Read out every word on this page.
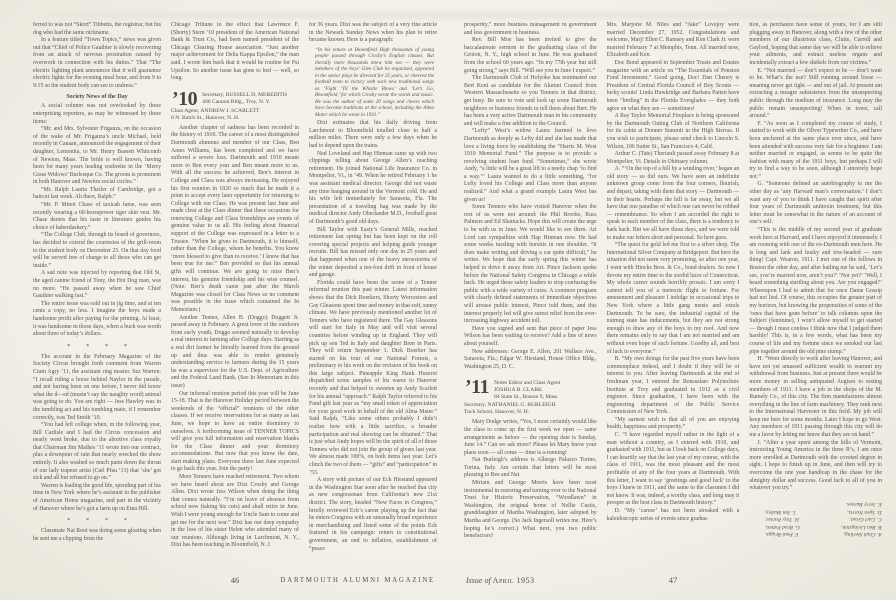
ferred to was not “Skort” Tibbetts, the registrar, but his dog who had the same nickname.

In a feature titled “Town Topics,” news was given out that “Chief of Police Gauthier is slowly recovering from an attack of nervous prostration caused by overwork in connection with his duties.” That “The electric lighting plant announces that it will guarantee electric lights for the evening meal hour, and from 9 to 9:15 so the student body can see to undress.”

Society News of the Day

A social column was not overlooked by these enterprising reporters, as may be witnessed by these items:

“Mr. and Mrs. Sylvester Friganza, on the occasion of the wake of Mr. Friganza’s uncle Michael, held recently in Canaan, announced the engagement of their daughter, Lemonita, to Mr. Henry Bassett Whitcomb of Newton, Mass. The bride is well known, having been for many years leading soubrette in the ‘Merry Grass Widows’ Burlesque Co. The groom is prominent in both Hanover and Newton social circles.”

“Mr. Ralph Lauria Theiler of Cambridge, got a haircut last week. Ah there, Ralph.”

“Mr. P. Minot Chase of taxicab fame, was seen recently wearing a 60-horsepower tiger skin vest. Mr. Chase denies that his taste in literature guides his choice of haberdashery.”

“The College Club, through its board of governors, has decided to extend the courtesies of the grill-room to the student body on December 25. On that day food will be served free of charge to all those who can get inside.”

A sad note was injected by reporting that Old Si, the aged canine friend of Tony, the Hot Dog man, was no more. “He passed away when he saw Chief Gauthier walking fast.”

The entire issue was sold out in jig time, and at ten cents a copy, no less. I imagine the boys made a handsome profit after paying for the printing. At least, it was handsome in those days, when a buck was worth about three of today’s dollars.

* * * *

The account in the February Magazine of the Society Circus brought forth comment from Warren Cram Agry ’11, the assistant ring master. Sez Warren: “I recall riding a horse behind Naylor in the parade, and not having been on one before, I never did know what the d—ed (mustn’t say the naughty word) animal was going to do. You are right — Jess Hawley was in the tumbling act and his tumbling mate, if I remember correctly, was Ted Smith ’10.

“You had left college when, in the following year, Bill Carlisle and I had the Circus concession and nearly went broke, due to the abortive class royalty that Chairman Jim Mathes ’11 wrote into our contract, plus a downpour of rain that nearly wrecked the show entirely. It also washed so much paint down the throat of our lady trapeze artist (Carl Pfau ’13) that ‘she’ got sick and all but refused to go on.”

Warren is leading the good life, spending part of his time in New York where he’s assistant to the publisher of American Home magazine, and part in the vicinity of Hanover where he’s got a farm up on Etna Hill.

* * * *

Classmate Nat Root was doing some gloating when he sent me a clipping from the

Chicago Tribune to the effect that Lawrence F. (Shorty) Stern ’10 president of the American National Bank & Trust Co., had been named president of the Chicago Clearing House association. “Just another major achievement for Delta Kappa Epsilon,” the man said. I wrote him back that it would be routine for Psi Upsilon. So another issue has gone to bed — well, so long.

’10 Secretary, RUSSELL D. MEREDITH
406 Cannon Bldg., Troy, N. Y.
Class Agent, ANDREW J. SCARLETT
8 N. Balch St., Hanover, N. H.

Another chapter of sadness has been recorded in the history of 1910. The career of a most distinguished Dartmouth alumnus and member of our Class, Ben Ames Williams, has been completed and we have suffered a severe loss. Dartmouth and 1910 meant more to Ben every year and Ben meant more to us. With all the success he achieved, Ben’s interest in College and Class was always increasing. He enjoyed his first reunion in 1920 so much that he made it a point to accept every later opportunity for returning to College with our Class. He was present last June and made clear at the Class dinner that these occasions for renewing College and Class friendships are events of genuine value to us all. His feeling about financial support of the College was expressed in a letter to a Trustee. “When he gives to Dartmouth, it is himself, rather than the College, whom he benefits. You know ‘more blessed to give than to receive.’ I know that has been true for me.” Ben provided so that his annual gifts will continue. We are going to miss Ben’s interest, his genuine friendship and his wise counsel. (Note: Ben’s death came just after the March Magazine was closed for Class News so no comment was possible in the issue which contained the In Memoriam.)

Another Tenner, Allen B. (Doggo) Doggett Jr. passed away in February. A great lover of the outdoors from early youth, Doggo seemed naturally to develop a real interest in farming after College days. Starting as a real dirt farmer he literally learned from the ground up and thus was able to render genuinely understanding service to farmers during the 15 years he was a supervisor for the U.S. Dept. of Agriculture and the Federal Land Bank. (See In Memoriam in this issue)

Our informal reunion period this year will be June 15-18. That is the Hanover Holiday period between the weekends of the “official” reunions of the other classes. If we receive reservations for as many as last June, we hope to have an entire dormitory to ourselves. A forthcoming issue of TENNER TOPICS will give you full information and reservation blanks for the Class dinner and your dormitory accommodations. But now that you know the date, start making plans. Everyone there last June expected to go back this year. Join the party!

More Tenners have reached retirement. Two whom we have heard about are Dixi Crosby and George Allen. Dixi wrote Jess Wilson when doing the thing that comes naturally. “I’m on leave of absence from school now (taking his cuts) and shall retire in June. Wish I were young enough for Uncle Sam to come and get me for the next war.” Dixi has our deep sympathy in the loss of his sister Helen who attended many of our reunions. Although living in Larchmont, N. Y., Dixi has been teaching in Bloomfield, N. J.

for 36 years. Dixi was the subject of a very fine article in the Newark Sunday News when his plan to retire became known. Here is a paragraph:

“In his tenure at Bloomfield High thousands of young people passed through Crosby’s English classes. But literally more thousands knew him too — they were members of the boys’ Glee Club he organized, appeared in the senior plays he directed for 25 years, or cheered the football team to victory with such new traditional songs as ‘Fight ’Til the Whistle Blows’ and ‘Let’s Go, Bloomfield,’ for which Crosby wrote the words and music. He was the author of some 20 songs and cheers which have become traditions at the school, including the Alma Mater which he wrote in 1931.”

Dixi estimates that his daily driving from Larchmont to Bloomfield totalled close to half a million miles. There were only a few days when he had to depend upon the trains.

Ned Loveland and Hap Hinman came up with two clippings telling about George Allen’s reaching retirement. He joined National Life Insurance Co. in Montpelier, Vt., in ’49. When he retired February 1 he was assistant medical director. George did not waste any time hanging around in the Vermont cold. He and his wife left immediately for Sarasota, Fla. The presentation of a traveling bag was made by the medical director Andy Oberlander M.D., football great of Dartmouth’s good old days.

Bill Taylor with Easty’s General Mills, reached retirement last spring but has been kept on the roll covering special projects and helping guide younger recruits. Bill has missed only one day in 25 years and that happened when one of the heavy snowstorms of the winter deposited a ten-foot drift in front of house and garage.

Florida could have been the scene of a Tenner informal reunion this past winter. Latest information shows that the Dick Boerkers, Shorty Worcesters and Gay Gleasons spent time and money in that soft, sunny climate. We have previously mentioned another lot of Tenners who have registered there. The Gay Gleasons will start for Italy in May and will visit several countries before winding up in England. They will pick up son Ted in Italy and daughter Bren in Paris. They will return September 1. Dick Boerker has started on his tour of our National Forests, a preliminary to his work on the revision of his book on this large subject. Pineapple King Hank Huserot dispatched some samples of his wares to Hanover recently and that helped to sweeten up Andy Scarlett for his annual “approach.” Ralph Taylor referred to his Fund gift last year as “my small token of appreciation for your good work in behalf of the old Alma Mater.” Said Ralph, “Like some others probably I didn’t realize how with a little sacrifice, a broader participation and real showing can be obtained.” That is just what Andy hopes will be the spirit of all of those Tenners who did not join the group of givers last year. We almost made 100%, on both items last year. Let’s clinch the two of them — “gifts” and “participation” in ’53.

A story with picture of our Eck Hiestand appeared in the Washington Star soon after he reached that city as new congressman from California’s new 21st district. The story, headed “New Faces in Congress,” briefly reviewed Eck’s career playing up the fact that he enters Congress with an unusually broad experience in merchandising and listed some of the points Eck featured in his campaign: return to constitutional government, an end to inflation, establishment of “peace

46	DARTMOUTH ALUMNI MAGAZINE

prosperity,” more business management in government and less government in business.

Rev. Bill Moe has been invited to give the baccalaureate sermon to the graduating class of the Groton, N. Y., high school in June. He was graduated from the school 60 years ago. “In my 77th year but still going strong,” says Bill. “Will see you in June I expect.”

The Dartmouth Club of Holyoke has nominated our Bert Kent as candidate for the Alumni Council from Western Massachusetts so you Tenners in that district, get busy. Be sure to vote and look up some Dartmouth neighbors or business friends to tell them about Bert. He has been a very active Dartmouth man in his community and will make a fine addition to the Council.

“Lefty” West’s widow Laura learned to love Dartmouth as deeply as Lefty did and she has made that love a living force by establishing the “Harris M. West 1910 Memorial Fund.” The purpose is to provide a revolving student loan fund. “Sometimes,” she wrote Andy, “a little will be a great lift to a needy chap ‘to find a way.’” Laura wanted to do a little something, “for Lefty loved his College and Class more than anyone realized.” And what a grand example Laura West has given us!

Some Tenners who have visited Hanover when the rest of us were not around: the Phil Brooks, Russ Palmers and Ed Shattucks. Hope this will create the urge to be with us in June. We would like to see them. Art Lord can sympathize with Hap Hinman now. He had some weeks tussling with bursitis in one shoulder. “It does make writing and driving a car quite difficult,” he writes. We hope that the early spring this winter has helped to drive it away from Art. Pinco Jackson spoke before the National Safety Congress in Chicago a while back. He urged these safety leaders to stop confusing the public with a wide variety of cures. A common program with clearly defined statements of immediate objectives will arouse public interest, Pinco told them, and this interest properly led will give surest relief from the ever-increasing highway accident toll.

Have you signed and sent that piece of paper Jess Wilson has been waiting to receive? Add a line of news about yourself.

New addresses: George E. Allen, 201 Wallace Ave., Sarasota, Fla.; Edgar W. Hiestand, House Office Bldg., Washington 25, D. C.

’11 Notes Editor and Class Agent
JOSHUA B. CLARK
84 State St., Boston 9, Mass.
Secretary, NATHANIEL G. BURLEIGH
Tuck School, Hanover, N. H.

Mary Dodge writes, “Yes, I most certainly would like the class to come up the first week we open — same arrangements as before — the opening date is Sunday, June 14.” Can we ask more? Please let Mary know your plans soon — all come — time is a-running!

Nat Burleigh’s address is Albergo Palazzo Torino, Torina, Italy. Am certain that letters will be most pleasing to Bee and Nat.

Miriam and George Morris have been most instrumental in restoring and turning over to the National Trust for Historic Preservation, “Woodlawn” in Washington, the original home of Nellie Custis, granddaughter of Martha Washington, later adopted by Martha and George. (So Jack Ingersoll writes me. Here’s hoping he’s correct.) What next, you two public benefactors?

Mrs. Marjorie M. Niles and “Jake” Lovejoy were married December 27, 1952. Congratulations and welcome, Marj! Ellen C. Ramsey and Ken Clark Jr. were married February 7 at Memphis, Tenn. All married now, Elizabeth and Ken.

Doc Bond appeared in September Trusts and Estates magazine with an article on “The Essentials of Pension Fund Investment.” Good going, Doc! Dan Cheney is President of Central Florida Council of Boy Scouts — lucky scouts! Linda Hawkridge and Barbara Patten have been “birding” in the Florida Everglades — they both agree on what they see — sometimes!

A Ray Taylor Memorial Fireplace is being sponsored by the Dartmouth Outing Club of Northern California for its cabin at Donner Summit in the High Sierras. If you wish to participate, please send check to Lincoln S. Wilson, 106 Sutter St., San Francisco 4, Calif.

Arthur C. (Tate) Theriault passed away February 8 at Montpelier, Vt. Details in Obituary column.

A. “‘On the top of a hill by a winding river,’ began an old story — so did ours. We have seen an indefinite unknown group come from the four corners, flourish, and depart, taking with them that story — Dartmouth — in their hearts. Perhaps the hill is far away, but we all have that one paradise of which one can never be robbed — remembrance. So when I am accorded the right to speak to each member of the class, there is a tendency to hark back. But we all have those days, and we were told to make our letters short and personal. So here goes.

“The quest for gold led me first to a silver shop, The International Silver Company at Bridgeport. But here the situation did not seem very promising, so after one year, I went with Hincks Bros. & Co., bond dealers. So now I devote my entire time to the sordid lucre of Connecticut. My whole career sounds horribly prosaic. I am sorry I cannot tell you of a meteoric flight to fortune. For amusement and pleasure I indulge in occasional trips to New York where a little gang meets and extols Dartmouth. To be sure, the industrial capital of the nutmeg state has inducements, but they are not strong enough to draw any of the boys to my roof. And now there remains only to say that I am not married and am without even hope of such fortune. Goodby all, and best of luck to everyone.”

B. “My own doings for the past five years have been commonplace indeed, and I doubt if they will be of interest to you. After leaving Dartmouth at the end of freshman year, I entered the Rensselaer Polytechnic Institute at Troy and graduated in 1912 as a civil engineer. Since graduation, I have been with the engineering department of the Public Service Commission of New York.

“My earnest wish is that all of you are enjoying health, happiness and prosperity.”

C. “I have regarded myself rather in the light of a man without a country, as I entered with 1910, and graduated with 1911, but as I look back on College days, I can heartily say that the last year of my course, with the class of 1911, was the most pleasant and the most profitable of any of the four years at Dartmouth. With this letter, I want to say ‘greetings and good luck’ to the boys I knew in 1911, and the same to the classmen I did not know. It was, indeed, a worthy class, and long may it prosper as the best class in Dartmouth history.”

D. “My ‘career’ has not been streaked with a kaleidoscopic series of events since gradua-

tion, as perchance have some of yours, for I am still plugging away in Hanover, along with a few of the other members of our illustrious class, Clutie, Carroll and Gaylord, hoping that some day we will be able to relieve your ailments, and extract useless organs and incidentally extract a few shekels from our victims.”

E. “Not married — don’t expect to be — don’t want to be. What’s the use? Still running around loose — meaning never get tight — and out of jail. At present am extracting a meagre subsistence from the unsuspecting public through the medium of insurance. Long may the public remain unsuspecting! When in town, call around.”

F. “As soon as I completed my course of study, I started to work with the Oliver Typewriter Co., and have been anchored at the same place ever since, and have been attended with success very fair for a beginner. I am neither married or engaged, as seems to be quite the fashion with many of the 1911 boys, but perhaps I will try to find a way to be soon, although I sincerely hope not.”

G. “Someone defined an autobiography to me the other day as ‘any Harvard man’s conversation.’ I don’t want any of you to think I have caught that spirit after four years of Dartmouth antitoxin treatment, but this letter must be somewhat in the nature of an account of one’s self.

“This is the middle of my second year of graduate work here at Harvard, and I have enjoyed it immensely. I am rooming with one of the ex-Dartmouth men here. He is long and lank and husky and tow-headed — sure thing! Capt. Wearon, 1911. I met one of the fellows in Boston the other day, and after hailing me he said, ‘Let’s see, you’re married now, aren’t you?’ ‘Not yet?’ ‘Well, I heard something startling about you. Are you engaged?’ Whereupon I had to admit that for once Dame Gossip had not lied. Of course, this occupies the greater part of my horizon, but knowing the propensities of some of the ‘ones that have gone before’ to talk columns upon the Subject (feminine), I won’t allow myself to get started — though I must confess I think now that I judged them harshly! This is, in a few words, what has been my course of life and my fortune since we smoked our last pipe together around the old pine stump.”

H. “Went directly to work after leaving Hanover, and have not yet amassed sufficient wealth to warrant my withdrawal from business. Just at present there would be more money in selling antiquated Aegises to resting members of 1911. I have a job in the shops of the M. Rumely Co., of this city. The firm manufactures almost everything in the line of farm machinery. They rank next to the International Harvester in this field. My job will keep me here for some months. Later I hope to go West. Any members of 1911 passing through this city will do me a favor by letting me know that they are on hand.”

J. “After a year spent among the hills of Vermont, instructing Young America in the three R’s, I am once more enrolled at Dartmouth with the coveted degree in sight. I hope to finish up in June, and then will try to overcome the one year handicap in the chase for the almighty dollar and success. Good luck to all of you in whatever you try.”

A. Chub Sterling,
F. Paul Briggs.
B. Ben Livingston,
G. Brad Patten,
C. Carl Grout,
H. Troy Parker,
D. Spen Norris,
I. Jim Malley,
E. Jerry Barnes.
Issue of April 1953	47
